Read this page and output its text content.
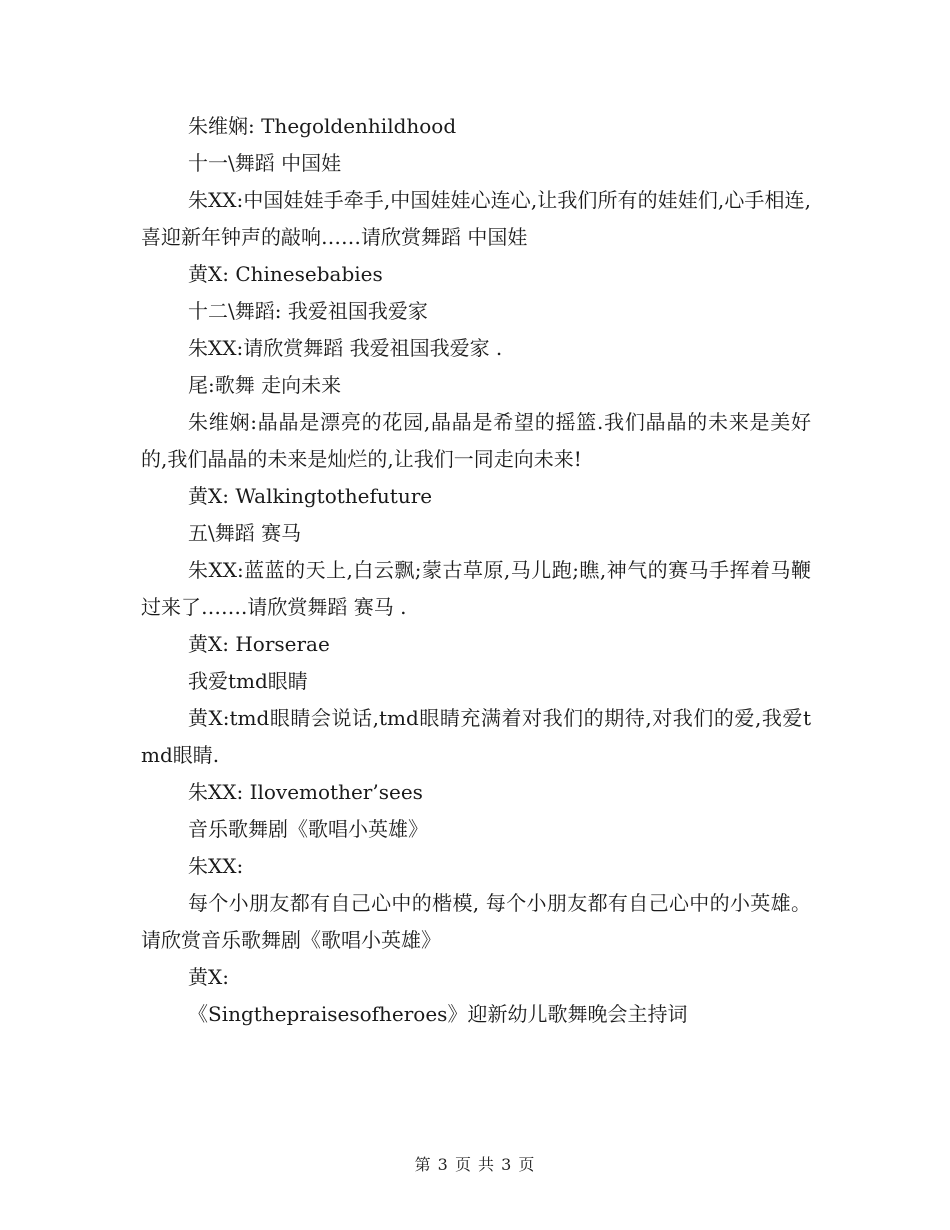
朱维娴: Thegoldenhildhood

十一\舞蹈 中国娃

朱XX:中国娃娃手牵手,中国娃娃心连心,让我们所有的娃娃们,心手相连,喜迎新年钟声的敲响……请欣赏舞蹈 中国娃

黄X: Chinesebabies

十二\舞蹈: 我爱祖国我爱家

朱XX:请欣赏舞蹈 我爱祖国我爱家 .

尾:歌舞 走向未来

朱维娴:晶晶是漂亮的花园,晶晶是希望的摇篮.我们晶晶的未来是美好的,我们晶晶的未来是灿烂的,让我们一同走向未来!

黄X: Walkingtothefuture

五\舞蹈 赛马

朱XX:蓝蓝的天上,白云飘;蒙古草原,马儿跑;瞧,神气的赛马手挥着马鞭过来了…….请欣赏舞蹈 赛马 .

黄X: Horserae

我爱tmd眼睛

黄X:tmd眼睛会说话,tmd眼睛充满着对我们的期待,对我们的爱,我爱tmd眼睛.

朱XX: Ilovemother’sees

音乐歌舞剧《歌唱小英雄》

朱XX:

每个小朋友都有自己心中的楷模, 每个小朋友都有自己心中的小英雄。请欣赏音乐歌舞剧《歌唱小英雄》

黄X:

《Singthepraisesofheroes》迎新幼儿歌舞晚会主持词

第 3 页 共 3 页
